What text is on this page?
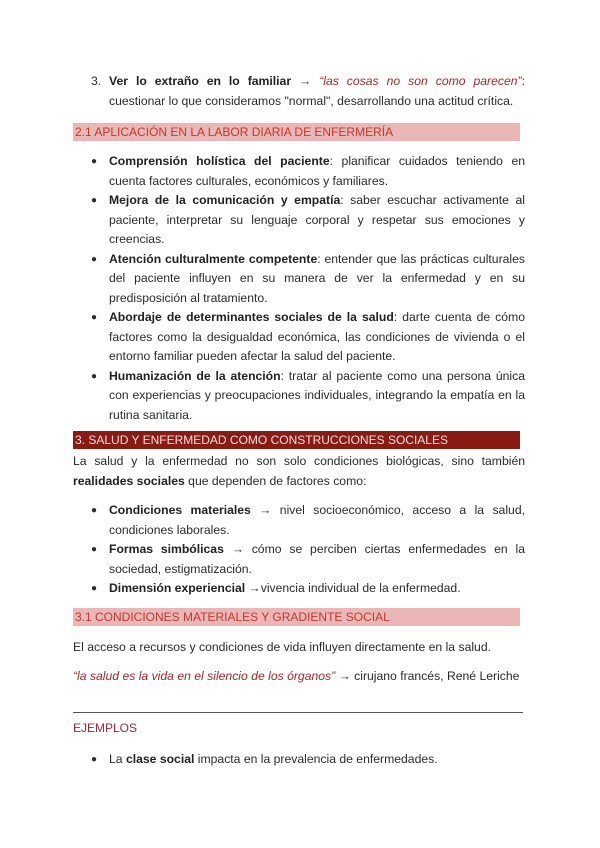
3. Ver lo extraño en lo familiar → “las cosas no son como parecen”: cuestionar lo que consideramos "normal", desarrollando una actitud crítica.

2.1 APLICACIÓN EN LA LABOR DIARIA DE ENFERMERÍA
● Comprensión holística del paciente: planificar cuidados teniendo en cuenta factores culturales, económicos y familiares.
● Mejora de la comunicación y empatía: saber escuchar activamente al paciente, interpretar su lenguaje corporal y respetar sus emociones y creencias.
● Atención culturalmente competente: entender que las prácticas culturales del paciente influyen en su manera de ver la enfermedad y en su predisposición al tratamiento.
● Abordaje de determinantes sociales de la salud: darte cuenta de cómo factores como la desigualdad económica, las condiciones de vivienda o el entorno familiar pueden afectar la salud del paciente.
● Humanización de la atención: tratar al paciente como una persona única con experiencias y preocupaciones individuales, integrando la empatía en la rutina sanitaria.
3. SALUD Y ENFERMEDAD COMO CONSTRUCCIONES SOCIALES

La salud y la enfermedad no son solo condiciones biológicas, sino también realidades sociales que dependen de factores como:

● Condiciones materiales → nivel socioeconómico, acceso a la salud, condiciones laborales.
● Formas simbólicas → cómo se perciben ciertas enfermedades en la sociedad, estigmatización.
● Dimensión experiencial →vivencia individual de la enfermedad.
3.1 CONDICIONES MATERIALES Y GRADIENTE SOCIAL

El acceso a recursos y condiciones de vida influyen directamente en la salud.

“la salud es la vida en el silencio de los órganos” → cirujano francés, René Leriche

EJEMPLOS
● La clase social impacta en la prevalencia de enfermedades.
